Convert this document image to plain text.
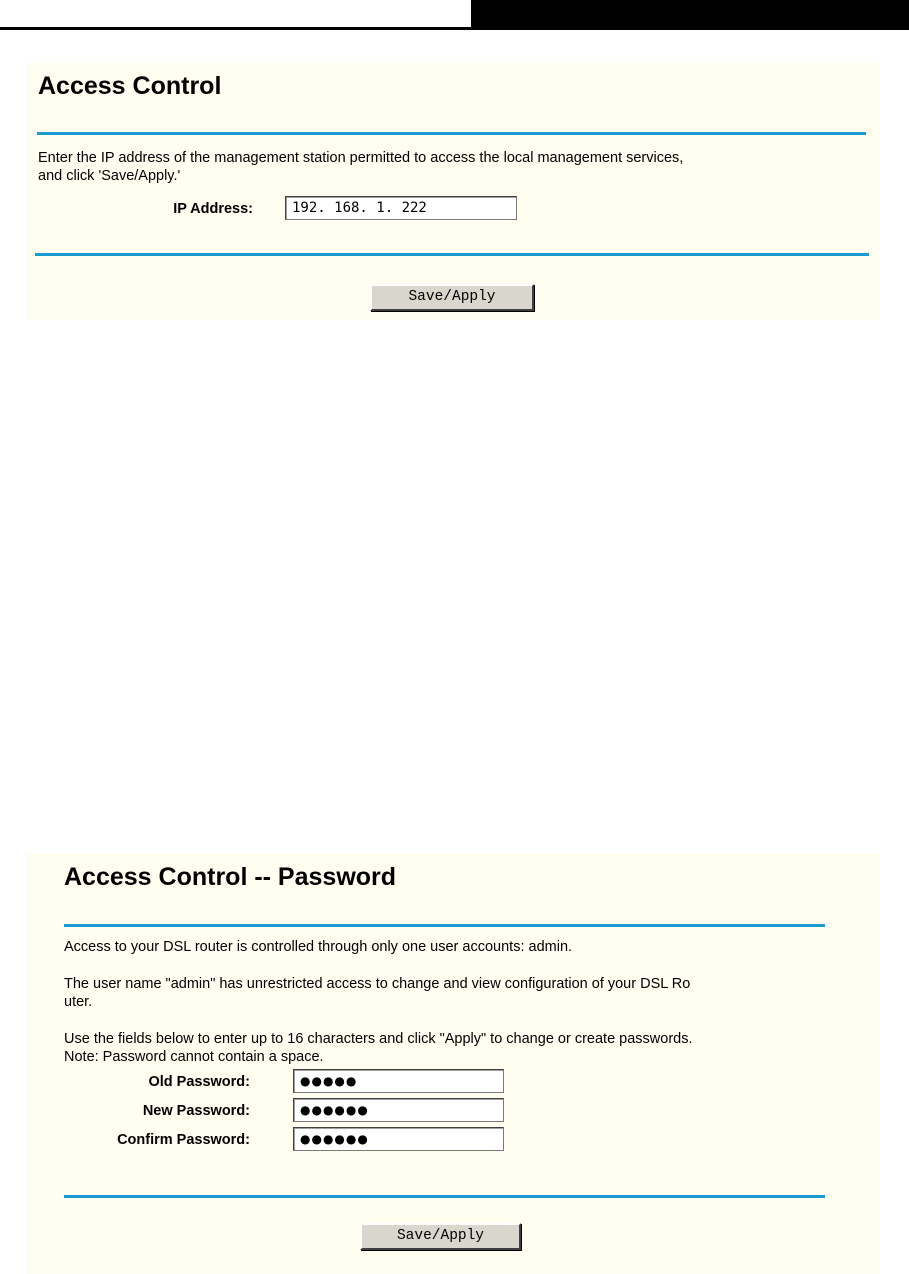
Access Control
Enter the IP address of the management station permitted to access the local management services,
and click 'Save/Apply.'
IP Address:	192. 168. 1. 222
Save/Apply
Access Control -- Password
Access to your DSL router is controlled through only one user accounts: admin.
The user name "admin" has unrestricted access to change and view configuration of your DSL Ro
uter.
Use the fields below to enter up to 16 characters and click "Apply" to change or create passwords.
Note: Password cannot contain a space.
Old Password:	●●●●●
New Password:	●●●●●●
Confirm Password:	●●●●●●
Save/Apply
